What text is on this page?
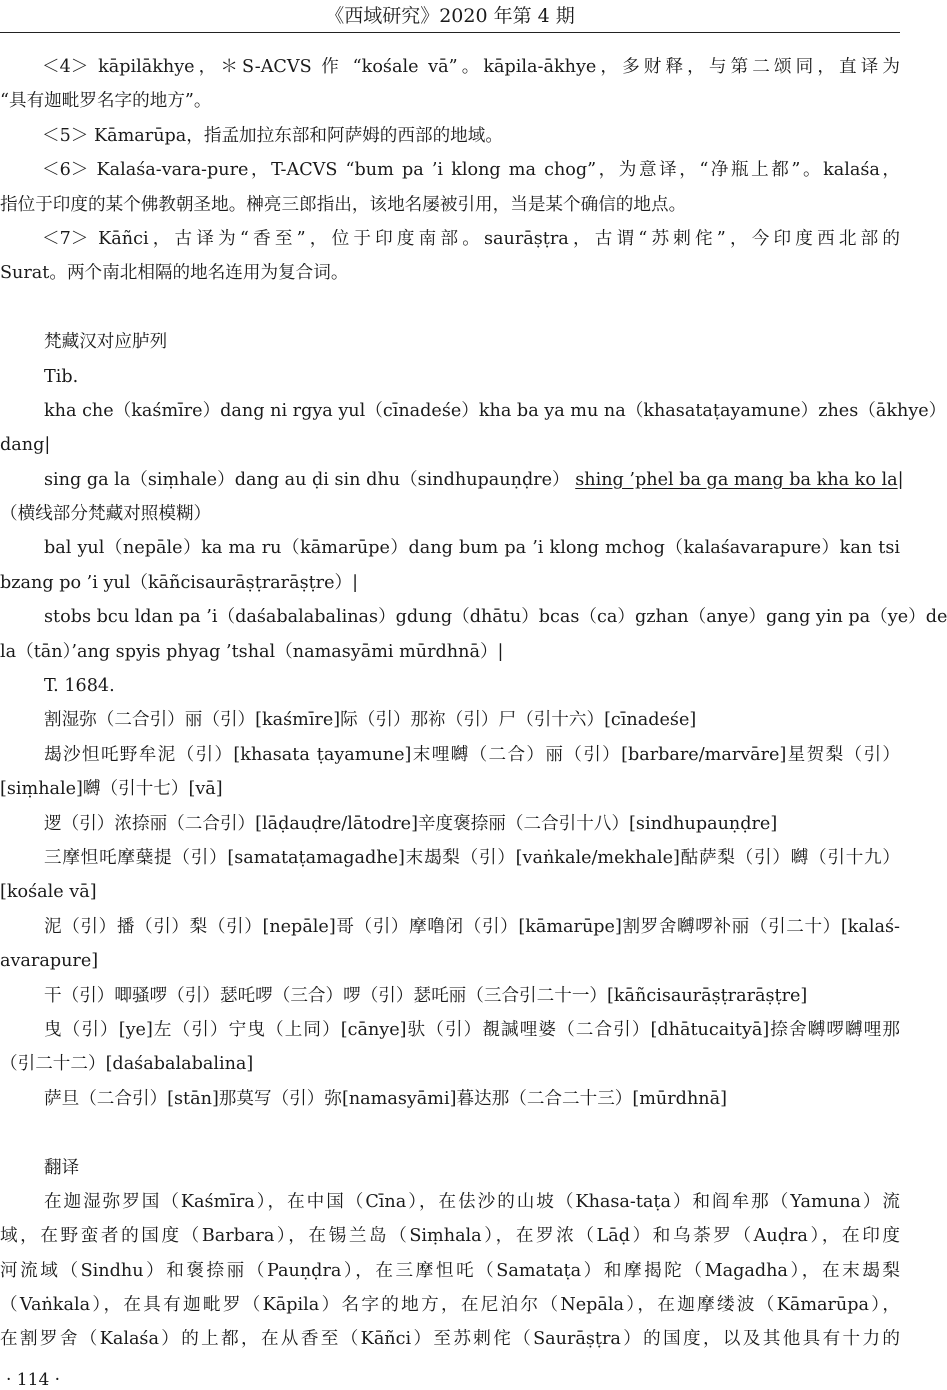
《西域研究》2020 年第 4 期
＜4＞ kāpilākhye，＊S-ACVS 作 “kośale vā”。kāpila-ākhye，多财释，与第二颂同，直译为
“具有迦毗罗名字的地方”。
＜5＞ Kāmarūpa，指孟加拉东部和阿萨姆的西部的地域。
＜6＞ Kalaśa-vara-pure，T-ACVS “bum pa ’i klong ma chog”，为意译，“净瓶上都”。kalaśa，
指位于印度的某个佛教朝圣地。榊亮三郎指出，该地名屡被引用，当是某个确信的地点。
＜7＞ Kāñci，古译为“香至”，位于印度南部。saurāṣṭra，古谓“苏剌侘”，今印度西北部的
Surat。两个南北相隔的地名连用为复合词。
梵藏汉对应胪列
Tib.
kha che（kaśmīre）dang ni rgya yul（cīnadeśe）kha ba ya mu na（khasataṭayamune）zhes（ākhye）
dang|
sing ga la（siṃhale）dang au ḍi sin dhu（sindhupauṇḍre） shing ’phel ba ga mang ba kha ko la|
（横线部分梵藏对照模糊）
bal yul（nepāle）ka ma ru（kāmarūpe）dang bum pa ’i klong mchog（kalaśavarapure）kan tsi
bzang po ’i yul（kāñcisaurāṣṭrarāṣṭre）|
stobs bcu ldan pa ’i（daśabalabalinas）gdung（dhātu）bcas（ca）gzhan（anye）gang yin pa（ye）de
la（tān）’ang spyis phyag ’tshal（namasyāmi mūrdhnā）|
T. 1684.
割湿弥（二合引）丽（引）[kaśmīre]际（引）那祢（引）尸（引十六）[cīnadeśe]
朅沙怛吒野牟泥（引）[khasata ṭayamune]末哩嚩（二合）丽（引）[barbare/marvāre]星贺梨（引）
[siṃhale]嚩（引十七）[vā]
逻（引）浓捺丽（二合引）[lāḍauḍre/lātodre]辛度褒捺丽（二合引十八）[sindhupauṇḍre]
三摩怛吒摩蘖提（引）[samataṭamagadhe]末朅梨（引）[vaṅkale/mekhale]酤萨梨（引）嚩（引十九）
[kośale vā]
泥（引）播（引）梨（引）[nepāle]哥（引）摩噜闭（引）[kāmarūpe]割罗舍嚩啰补丽（引二十）[kalaś-
avarapure]
干（引）唧骚啰（引）瑟吒啰（三合）啰（引）瑟吒丽（三合引二十一）[kāñcisaurāṣṭrarāṣṭre]
曳（引）[ye]左（引）宁曳（上同）[cānye]驮（引）覩諴哩婆（二合引）[dhātucaityā]捺舍嚩啰嚩哩那
（引二十二）[daśabalabalina]
萨旦（二合引）[stān]那莫写（引）弥[namasyāmi]暮达那（二合二十三）[mūrdhnā]
翻译
在迦湿弥罗国（Kaśmīra），在中国（Cīna），在佉沙的山坡（Khasa-taṭa）和阎牟那（Yamuna）流
域，在野蛮者的国度（Barbara），在锡兰岛（Siṃhala），在罗浓（Lāḍ）和乌荼罗（Auḍra），在印度
河流域（Sindhu）和褒捺丽（Pauṇḍra），在三摩怛吒（Samataṭa）和摩揭陀（Magadha），在末朅梨
（Vaṅkala），在具有迦毗罗（Kāpila）名字的地方，在尼泊尔（Nepāla），在迦摩缕波（Kāmarūpa），
在割罗舍（Kalaśa）的上都，在从香至（Kāñci）至苏剌侘（Saurāṣṭra）的国度，以及其他具有十力的
· 114 ·
